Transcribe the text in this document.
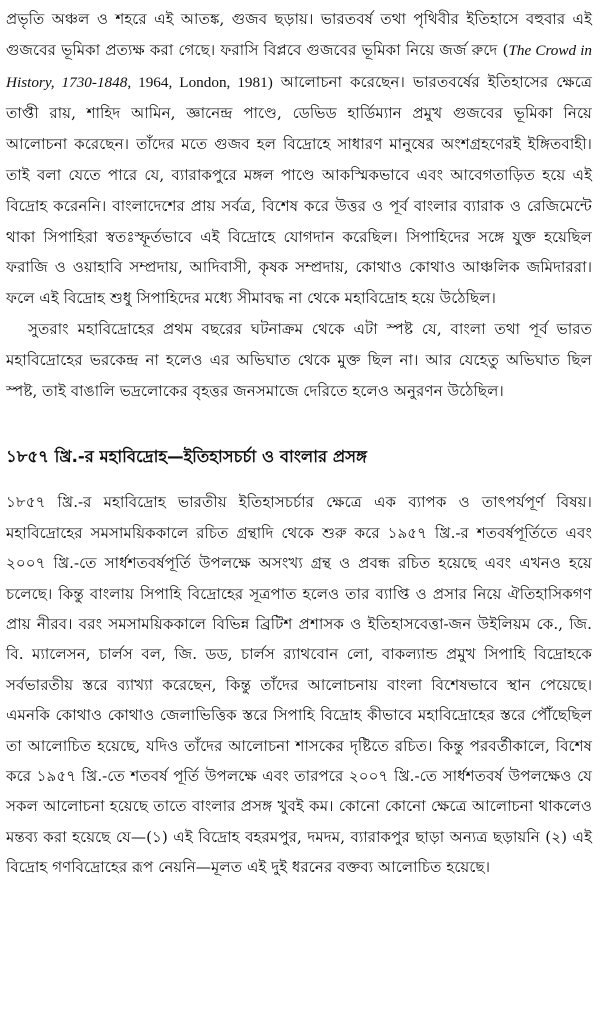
প্রভৃতি অঞ্চল ও শহরে এই আতঙ্ক, গুজব ছড়ায়। ভারতবর্ষ তথা পৃথিবীর ইতিহাসে বহুবার এই গুজবের ভূমিকা প্রত্যক্ষ করা গেছে। ফরাসি বিপ্লবে গুজবের ভূমিকা নিয়ে জর্জ রুদে (The Crowd in History, 1730-1848, 1964, London, 1981) আলোচনা করেছেন। ভারতবর্ষের ইতিহাসের ক্ষেত্রে তাপ্তী রায়, শাহিদ আমিন, জ্ঞানেন্দ্র পাণ্ডে, ডেভিড হার্ডিম্যান প্রমুখ গুজবের ভূমিকা নিয়ে আলোচনা করেছেন। তাঁদের মতে গুজব হল বিদ্রোহে সাধারণ মানুষের অংশগ্রহণেরই ইঙ্গিতবাহী। তাই বলা যেতে পারে যে, ব্যারাকপুরে মঙ্গল পাণ্ডে আকস্মিকভাবে এবং আবেগতাড়িত হয়ে এই বিদ্রোহ করেননি। বাংলাদেশের প্রায় সর্বত্র, বিশেষ করে উত্তর ও পূর্ব বাংলার ব্যারাক ও রেজিমেন্টে থাকা সিপাহিরা স্বতঃস্ফূর্তভাবে এই বিদ্রোহে যোগদান করেছিল। সিপাহিদের সঙ্গে যুক্ত হয়েছিল ফরাজি ও ওয়াহাবি সম্প্রদায়, আদিবাসী, কৃষক সম্প্রদায়, কোথাও কোথাও আঞ্চলিক জমিদাররা। ফলে এই বিদ্রোহ শুধু সিপাহিদের মধ্যে সীমাবদ্ধ না থেকে মহাবিদ্রোহ হয়ে উঠেছিল।

সুতরাং মহাবিদ্রোহের প্রথম বছরের ঘটনাক্রম থেকে এটা স্পষ্ট যে, বাংলা তথা পূর্ব ভারত মহাবিদ্রোহের ভরকেন্দ্র না হলেও এর অভিঘাত থেকে মুক্ত ছিল না। আর যেহেতু অভিঘাত ছিল স্পষ্ট, তাই বাঙালি ভদ্রলোকের বৃহত্তর জনসমাজে দেরিতে হলেও অনুরণন উঠেছিল।

১৮৫৭ খ্রি.-র মহাবিদ্রোহ—ইতিহাসচর্চা ও বাংলার প্রসঙ্গ

১৮৫৭ খ্রি.-র মহাবিদ্রোহ ভারতীয় ইতিহাসচর্চার ক্ষেত্রে এক ব্যাপক ও তাৎপর্যপূর্ণ বিষয়। মহাবিদ্রোহের সমসাময়িককালে রচিত গ্রন্থাদি থেকে শুরু করে ১৯৫৭ খ্রি.-র শতবর্ষপূর্তিতে এবং ২০০৭ খ্রি.-তে সার্ধশতবর্ষপূর্তি উপলক্ষে অসংখ্য গ্রন্থ ও প্রবন্ধ রচিত হয়েছে এবং এখনও হয়ে চলেছে। কিন্তু বাংলায় সিপাহি বিদ্রোহের সূত্রপাত হলেও তার ব্যাপ্তি ও প্রসার নিয়ে ঐতিহাসিকগণ প্রায় নীরব। বরং সমসাময়িককালে বিভিন্ন ব্রিটিশ প্রশাসক ও ইতিহাসবেত্তা-জন উইলিয়ম কে., জি. বি. ম্যালেসন, চার্লস বল, জি. ডড, চার্লস র‍্যাথবোন লো, বাকল্যান্ড প্রমুখ সিপাহি বিদ্রোহকে সর্বভারতীয় স্তরে ব্যাখ্যা করেছেন, কিন্তু তাঁদের আলোচনায় বাংলা বিশেষভাবে স্থান পেয়েছে। এমনকি কোথাও কোথাও জেলাভিত্তিক স্তরে সিপাহি বিদ্রোহ কীভাবে মহাবিদ্রোহের স্তরে পৌঁছেছিল তা আলোচিত হয়েছে, যদিও তাঁদের আলোচনা শাসকের দৃষ্টিতে রচিত। কিন্তু পরবর্তীকালে, বিশেষ করে ১৯৫৭ খ্রি.-তে শতবর্ষ পূর্তি উপলক্ষে এবং তারপরে ২০০৭ খ্রি.-তে সার্ধশতবর্ষ উপলক্ষেও যে সকল আলোচনা হয়েছে তাতে বাংলার প্রসঙ্গ খুবই কম। কোনো কোনো ক্ষেত্রে আলোচনা থাকলেও মন্তব্য করা হয়েছে যে—(১) এই বিদ্রোহ বহরমপুর, দমদম, ব্যারাকপুর ছাড়া অন্যত্র ছড়ায়নি (২) এই বিদ্রোহ গণবিদ্রোহের রূপ নেয়নি—মূলত এই দুই ধরনের বক্তব্য আলোচিত হয়েছে।
